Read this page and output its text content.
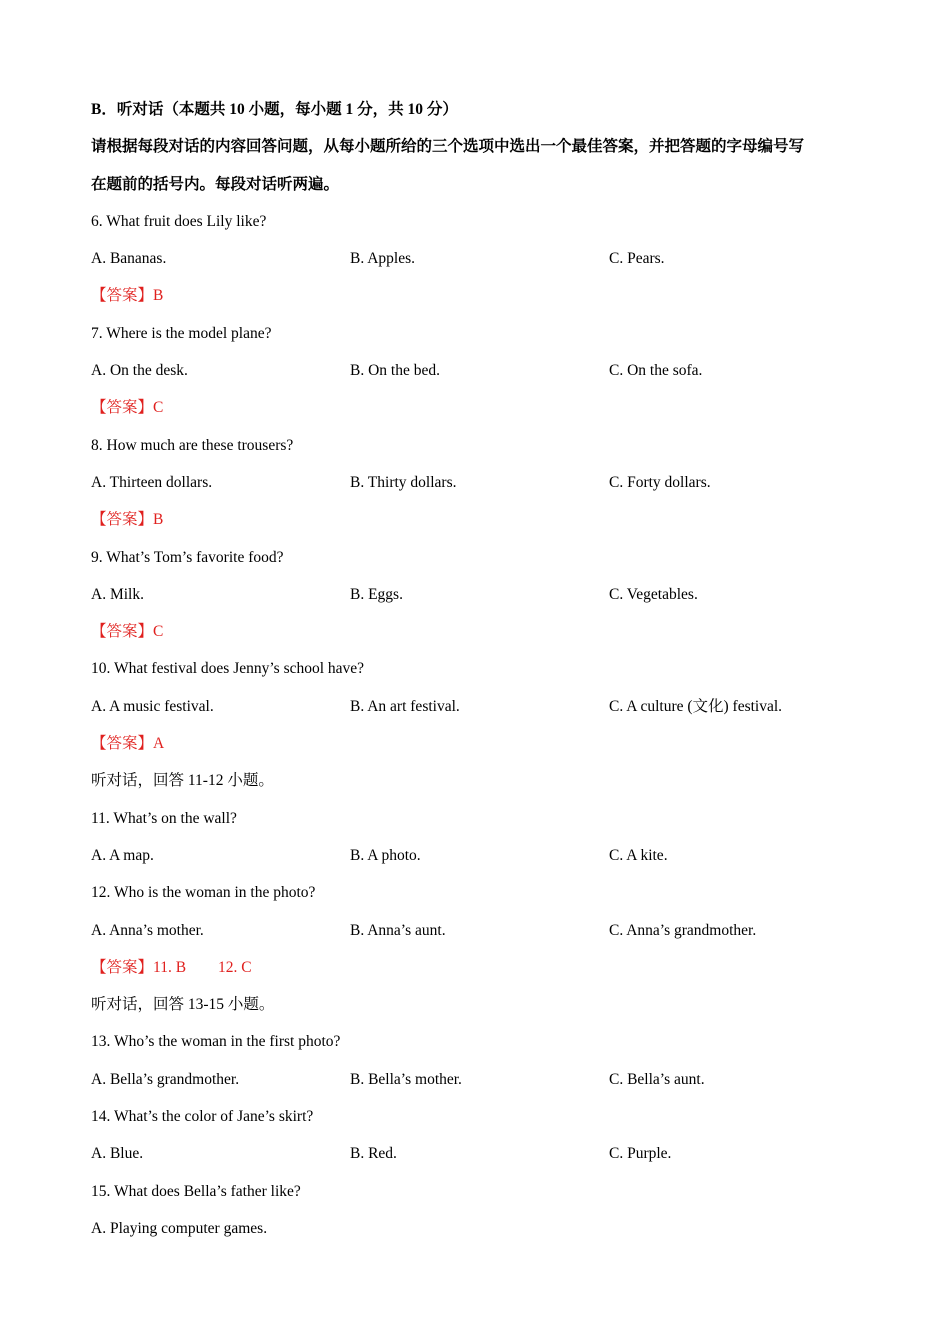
B．听对话（本题共 10 小题，每小题 1 分，共 10 分）
请根据每段对话的内容回答问题，从每小题所给的三个选项中选出一个最佳答案，并把答题的字母编号写
在题前的括号内。每段对话听两遍。
6. What fruit does Lily like?
A. Bananas.	B. Apples.	C. Pears.
【答案】B
7. Where is the model plane?
A. On the desk.	B. On the bed.	C. On the sofa.
【答案】C
8. How much are these trousers?
A. Thirteen dollars.	B. Thirty dollars.	C. Forty dollars.
【答案】B
9. What’s Tom’s favorite food?
A. Milk.	B. Eggs.	C. Vegetables.
【答案】C
10. What festival does Jenny’s school have?
A. A music festival.	B. An art festival.	C. A culture (文化) festival.
【答案】A
听对话，回答 11-12 小题。
11. What’s on the wall?
A. A map.	B. A photo.	C. A kite.
12. Who is the woman in the photo?
A. Anna’s mother.	B. Anna’s aunt.	C. Anna’s grandmother.
【答案】11. B 12. C
听对话，回答 13-15 小题。
13. Who’s the woman in the first photo?
A. Bella’s grandmother.	B. Bella’s mother.	C. Bella’s aunt.
14. What’s the color of Jane’s skirt?
A. Blue.	B. Red.	C. Purple.
15. What does Bella’s father like?
A. Playing computer games.
